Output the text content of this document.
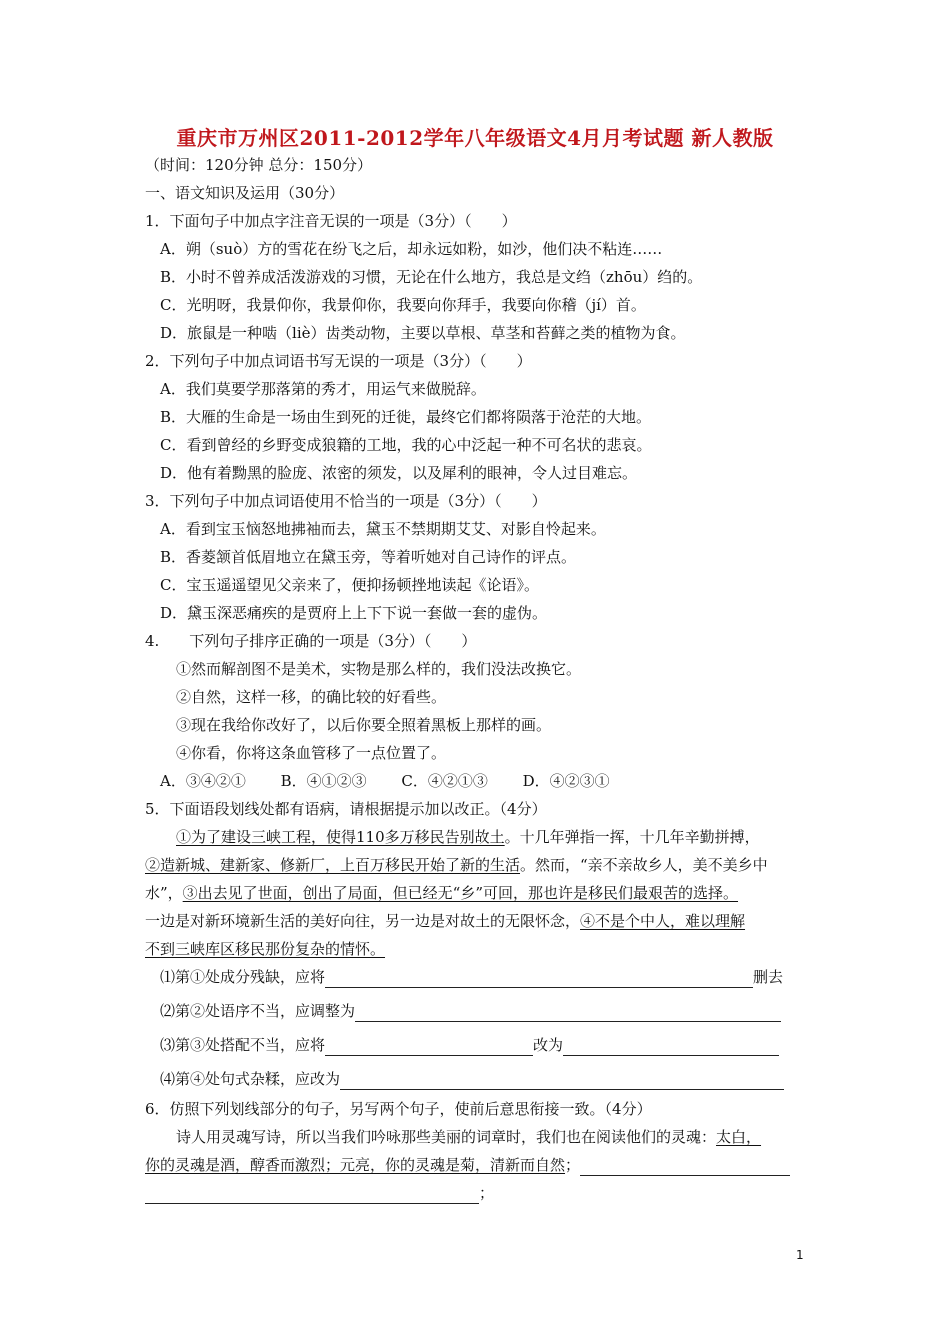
重庆市万州区2011-2012学年八年级语文4月月考试题 新人教版
（时间：120分钟 总分：150分）
一、语文知识及运用（30分）
1．下面句子中加点字注音无误的一项是（3分）（　　）
A．朔（suò）方的雪花在纷飞之后，却永远如粉，如沙，他们决不粘连……
B．小时不曾养成活泼游戏的习惯，无论在什么地方，我总是文绉（zhōu）绉的。
C．光明呀，我景仰你，我景仰你，我要向你拜手，我要向你稽（jí）首。
D．旅鼠是一种啮（liè）齿类动物，主要以草根、草茎和苔藓之类的植物为食。
2．下列句子中加点词语书写无误的一项是（3分）（　　）
A．我们莫要学那落第的秀才，用运气来做脱辞。
B．大雁的生命是一场由生到死的迁徙，最终它们都将陨落于沧茫的大地。
C．看到曾经的乡野变成狼籍的工地，我的心中泛起一种不可名状的悲哀。
D．他有着黝黑的脸庞、浓密的须发，以及犀利的眼神，令人过目难忘。
3．下列句子中加点词语使用不恰当的一项是（3分）（　　）
A．看到宝玉恼怒地拂袖而去，黛玉不禁期期艾艾、对影自怜起来。
B．香菱颔首低眉地立在黛玉旁，等着听她对自己诗作的评点。
C．宝玉遥遥望见父亲来了，便抑扬顿挫地读起《论语》。
D．黛玉深恶痛疾的是贾府上上下下说一套做一套的虚伪。
4.　　下列句子排序正确的一项是（3分）（　　）
①然而解剖图不是美术，实物是那么样的，我们没法改换它。
②自然，这样一移，的确比较的好看些。
③现在我给你改好了，以后你要全照着黑板上那样的画。
④你看，你将这条血管移了一点位置了。
A．③④②①　　 B．④①②③　　 C．④②①③　　 D．④②③①
5．下面语段划线处都有语病，请根据提示加以改正。（4分）
①为了建设三峡工程，使得110多万移民告别故土。十几年弹指一挥，十几年辛勤拼搏，
②造新城、建新家、修新厂，上百万移民开始了新的生活。然而，“亲不亲故乡人，美不美乡中
水”，③出去见了世面，创出了局面，但已经无“乡”可回，那也许是移民们最艰苦的选择。
一边是对新环境新生活的美好向往，另一边是对故土的无限怀念，④不是个中人，难以理解
不到三峡库区移民那份复杂的情怀。
⑴第①处成分残缺，应将	删去
⑵第②处语序不当，应调整为
⑶第③处搭配不当，应将	改为
⑷第④处句式杂糅，应改为
6．仿照下列划线部分的句子，另写两个句子，使前后意思衔接一致。（4分）
诗人用灵魂写诗，所以当我们吟咏那些美丽的词章时，我们也在阅读他们的灵魂：太白，
你的灵魂是酒，醇香而激烈；元亮，你的灵魂是菊，清新而自然；
；
1
